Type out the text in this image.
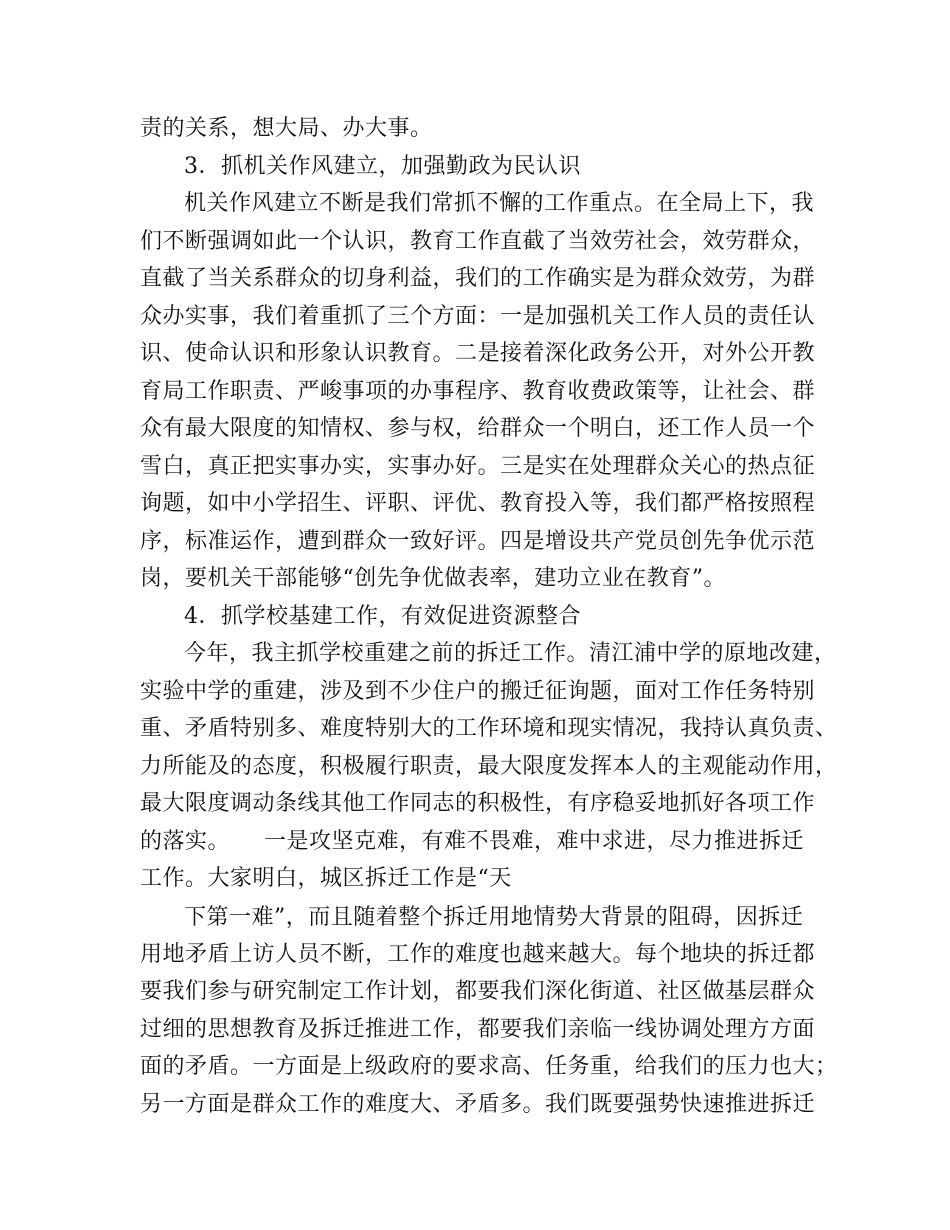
责的关系，想大局、办大事。
3．抓机关作风建立，加强勤政为民认识
机关作风建立不断是我们常抓不懈的工作重点。在全局上下，我
们不断强调如此一个认识，教育工作直截了当效劳社会，效劳群众，
直截了当关系群众的切身利益，我们的工作确实是为群众效劳，为群
众办实事，我们着重抓了三个方面：一是加强机关工作人员的责任认
识、使命认识和形象认识教育。二是接着深化政务公开，对外公开教
育局工作职责、严峻事项的办事程序、教育收费政策等，让社会、群
众有最大限度的知情权、参与权，给群众一个明白，还工作人员一个
雪白，真正把实事办实，实事办好。三是实在处理群众关心的热点征
询题，如中小学招生、评职、评优、教育投入等，我们都严格按照程
序，标准运作，遭到群众一致好评。四是增设共产党员创先争优示范
岗，要机关干部能够“创先争优做表率，建功立业在教育”。
4．抓学校基建工作，有效促进资源整合
今年，我主抓学校重建之前的拆迁工作。清江浦中学的原地改建，
实验中学的重建，涉及到不少住户的搬迁征询题，面对工作任务特别
重、矛盾特别多、难度特别大的工作环境和现实情况，我持认真负责、
力所能及的态度，积极履行职责，最大限度发挥本人的主观能动作用，
最大限度调动条线其他工作同志的积极性，有序稳妥地抓好各项工作
的落实。　　一是攻坚克难，有难不畏难，难中求进，尽力推进拆迁
工作。大家明白，城区拆迁工作是“天
下第一难”，而且随着整个拆迁用地情势大背景的阻碍，因拆迁
用地矛盾上访人员不断，工作的难度也越来越大。每个地块的拆迁都
要我们参与研究制定工作计划，都要我们深化街道、社区做基层群众
过细的思想教育及拆迁推进工作，都要我们亲临一线协调处理方方面
面的矛盾。一方面是上级政府的要求高、任务重，给我们的压力也大；
另一方面是群众工作的难度大、矛盾多。我们既要强势快速推进拆迁
